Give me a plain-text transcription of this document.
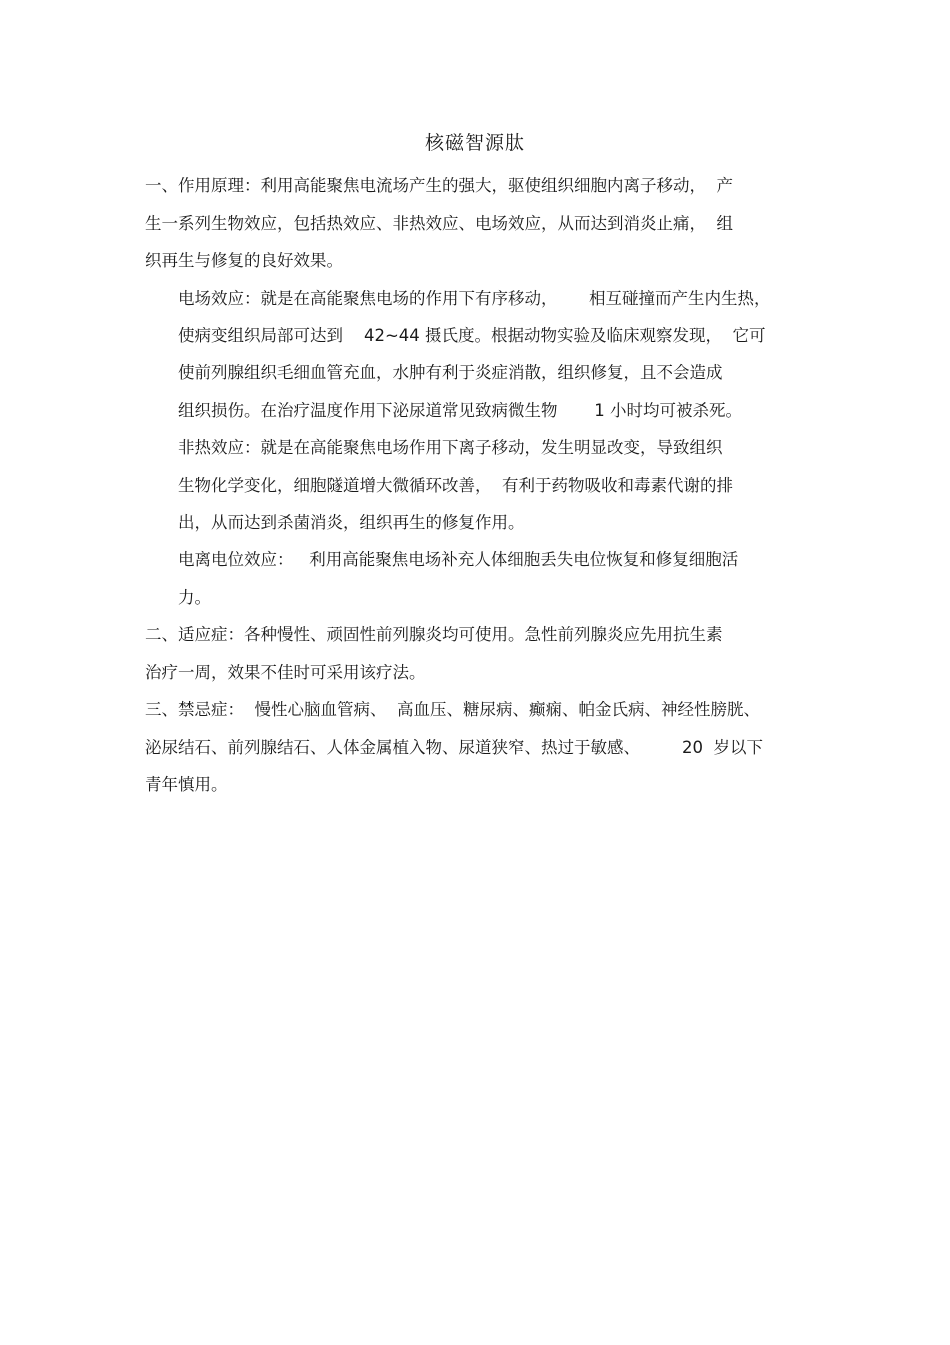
核磁智源肽
一、作用原理：利用高能聚焦电流场产生的强大，驱使组织细胞内离子移动，  产
生一系列生物效应，包括热效应、非热效应、电场效应，从而达到消炎止痛，  组
织再生与修复的良好效果。
电场效应：就是在高能聚焦电场的作用下有序移动，      相互碰撞而产生内生热，
使病变组织局部可达到    42~44 摄氏度。根据动物实验及临床观察发现，  它可
使前列腺组织毛细血管充血，水肿有利于炎症消散，组织修复，且不会造成
组织损伤。在治疗温度作用下泌尿道常见致病微生物       1 小时均可被杀死。
非热效应：就是在高能聚焦电场作用下离子移动，发生明显改变，导致组织
生物化学变化，细胞隧道增大微循环改善，  有利于药物吸收和毒素代谢的排
出，从而达到杀菌消炎，组织再生的修复作用。
电离电位效应：   利用高能聚焦电场补充人体细胞丢失电位恢复和修复细胞活
力。
二、适应症：各种慢性、顽固性前列腺炎均可使用。急性前列腺炎应先用抗生素
治疗一周，效果不佳时可采用该疗法。
三、禁忌症：  慢性心脑血管病、  高血压、糖尿病、癫痫、帕金氏病、神经性膀胱、
泌尿结石、前列腺结石、人体金属植入物、尿道狭窄、热过于敏感、        20  岁以下
青年慎用。
